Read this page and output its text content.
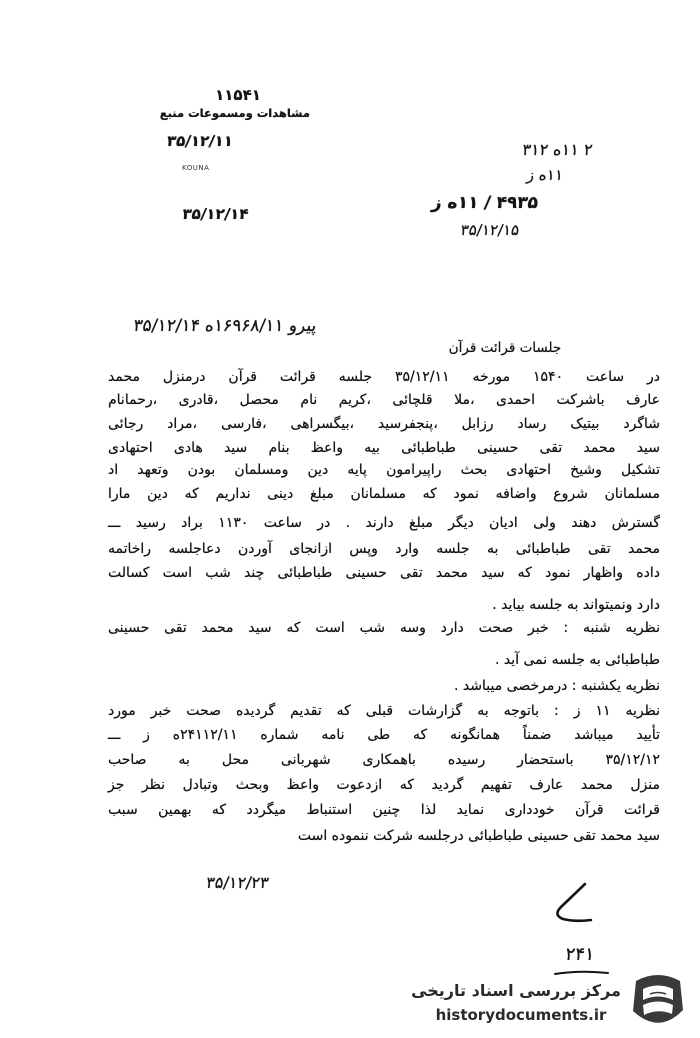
۱۱۵۴۱
مشاهدات ومسموعات منبع
۳۵/۱۲/۱۱
KOUNA
۳۵/۱۲/۱۴
۲ ۱۱ه ۳۱۲
۱۱ه ز
۴۹۳۵ / ۱۱ه ز
۳۵/۱۲/۱۵
پیرو ۱۶۹۶۸/۱۱ه ۳۵/۱۲/۱۴
جلسات قرائت قرآن
در ساعت ۱۵۴۰ مورخه ۳۵/۱۲/۱۱ جلسه قرائت قرآن درمنزل محمد
عارف باشرکت احمدی ،ملا قلچائی ،کریم نام محصل ،قادری ،رحمانام
شاگرد بیتیک رساد رزابل ،پنجفرسید ،بیگسراهی ،فارسی ،مراد رجائی
سید محمد تقی حسینی طباطبائی بیه واعظ بنام سید هادی احتهادی
تشکیل وشیخ احتهادی بحث راپیرامون پایه دین ومسلمان بودن وتعهد اد
مسلمانان شروع واضافه نمود که مسلمانان مبلغ دینی نداریم که دین مارا
گسترش دهند ولی ادیان دیگر مبلغ دارند . در ساعت ۱۱۳۰ براد رسید ـــ
محمد تقی طباطبائی به جلسه وارد وپس ازانجای آوردن دعاجلسه راخاتمه
داده واظهار نمود که سید محمد تقی حسینی طباطبائی چند شب است کسالت
دارد ونمیتواند به جلسه بیاید .
نظریه شنبه : خبر صحت دارد وسه شب است که سید محمد تقی حسینی
طباطبائی به جلسه نمی آید .
نظریه یکشنبه : درمرخصی میباشد .
نظریه ۱۱ ز : باتوجه به گزارشات قبلی که تقدیم گردیده صحت خبر مورد
تأیید میباشد ضمناً همانگونه که طی نامه شماره ۲۴۱۱۲/۱۱ه ز ـــ
۳۵/۱۲/۱۲ باستحضار رسیده باهمکاری شهربانی محل به صاحب
منزل محمد عارف تفهیم گردید که ازدعوت واعظ وبحث وتبادل نظر جز
قرائت قرآن خودداری نماید لذا چنین استنباط میگردد که بهمین سبب
سید محمد تقی حسینی طباطبائی درجلسه شرکت ننموده است
۳۵/۱۲/۲۳
۲۴۱
مرکز بررسی اسناد تاریخی
historydocuments.ir
